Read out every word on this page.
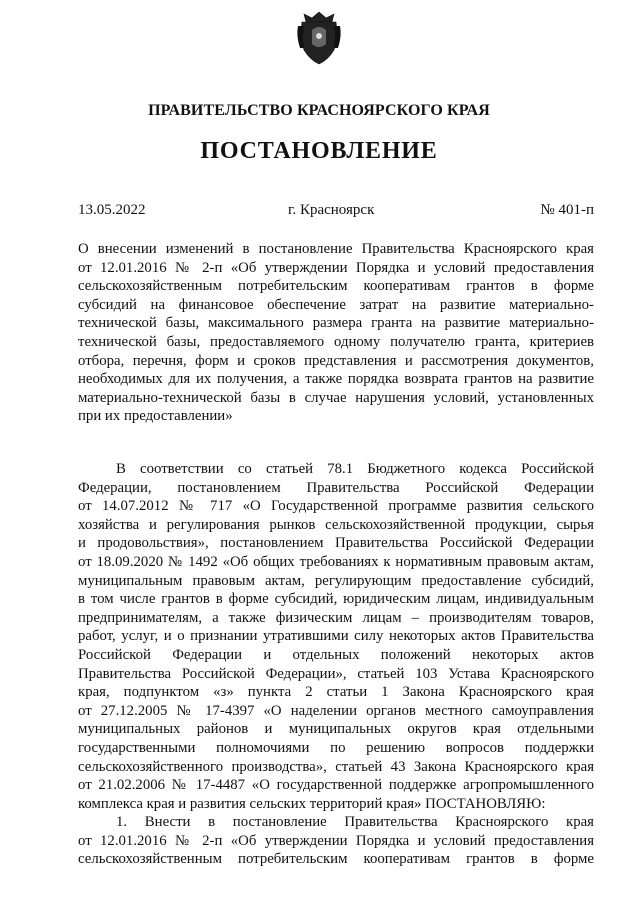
ПРАВИТЕЛЬСТВО КРАСНОЯРСКОГО КРАЯ
ПОСТАНОВЛЕНИЕ
13.05.2022	г. Красноярск	№ 401-п
О внесении изменений в постановление Правительства Красноярского края
от 12.01.2016 № 2-п «Об утверждении Порядка и условий предоставления
сельскохозяйственным потребительским кооперативам грантов в форме
субсидий на финансовое обеспечение затрат на развитие материально-
технической базы, максимального размера гранта на развитие материально-
технической базы, предоставляемого одному получателю гранта, критериев
отбора, перечня, форм и сроков представления и рассмотрения документов,
необходимых для их получения, а также порядка возврата грантов на развитие
материально-технической базы в случае нарушения условий, установленных
при их предоставлении»
В соответствии со статьей 78.1 Бюджетного кодекса Российской
Федерации, постановлением Правительства Российской Федерации
от 14.07.2012 № 717 «О Государственной программе развития сельского
хозяйства и регулирования рынков сельскохозяйственной продукции, сырья
и продовольствия», постановлением Правительства Российской Федерации
от 18.09.2020 № 1492 «Об общих требованиях к нормативным правовым актам,
муниципальным правовым актам, регулирующим предоставление субсидий,
в том числе грантов в форме субсидий, юридическим лицам, индивидуальным
предпринимателям, а также физическим лицам – производителям товаров,
работ, услуг, и о признании утратившими силу некоторых актов Правительства
Российской Федерации и отдельных положений некоторых актов
Правительства Российской Федерации», статьей 103 Устава Красноярского
края, подпунктом «з» пункта 2 статьи 1 Закона Красноярского края
от 27.12.2005 № 17-4397 «О наделении органов местного самоуправления
муниципальных районов и муниципальных округов края отдельными
государственными полномочиями по решению вопросов поддержки
сельскохозяйственного производства», статьей 43 Закона Красноярского края
от 21.02.2006 № 17-4487 «О государственной поддержке агропромышленного
комплекса края и развития сельских территорий края» ПОСТАНОВЛЯЮ:
1. Внести в постановление Правительства Красноярского края
от 12.01.2016 № 2-п «Об утверждении Порядка и условий предоставления
сельскохозяйственным потребительским кооперативам грантов в форме
